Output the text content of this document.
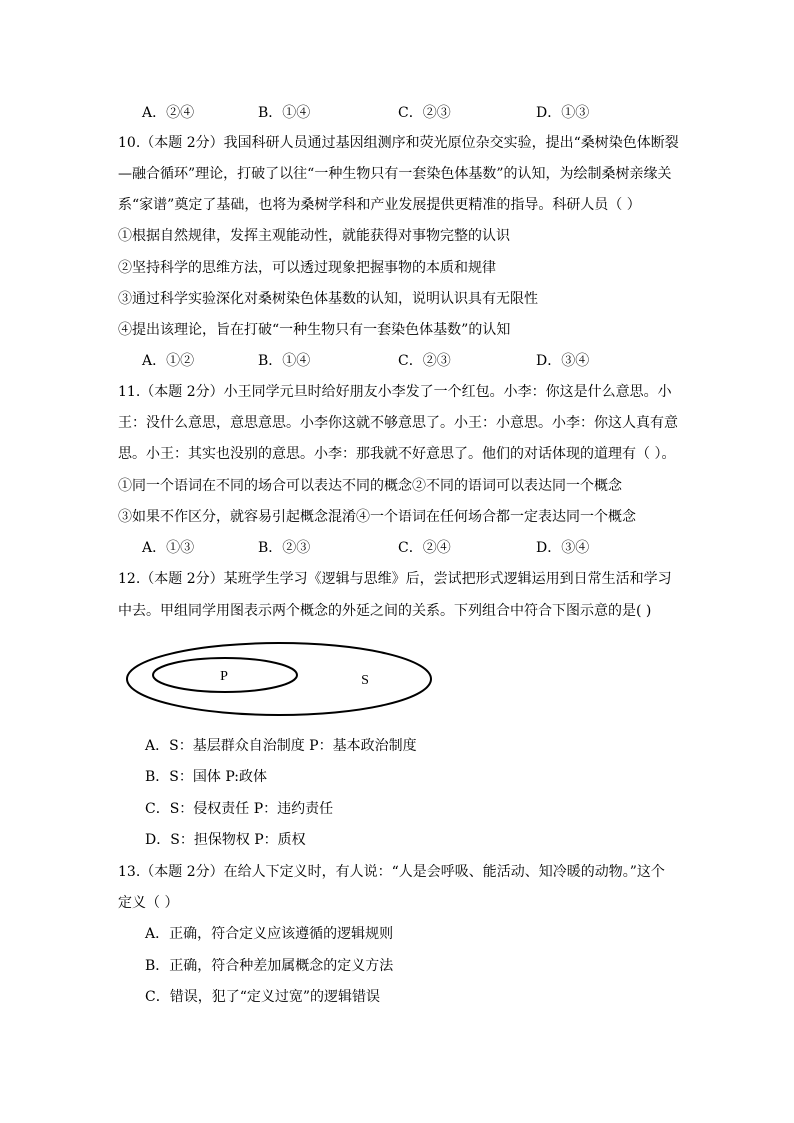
A．②④	B．①④	C．②③	D．①③
10.（本题 2分）我国科研人员通过基因组测序和荧光原位杂交实验，提出“桑树染色体断裂
—融合循环”理论，打破了以往“一种生物只有一套染色体基数”的认知，为绘制桑树亲缘关
系“家谱”奠定了基础，也将为桑树学科和产业发展提供更精准的指导。科研人员（ ）
①根据自然规律，发挥主观能动性，就能获得对事物完整的认识
②坚持科学的思维方法，可以透过现象把握事物的本质和规律
③通过科学实验深化对桑树染色体基数的认知，说明认识具有无限性
④提出该理论，旨在打破“一种生物只有一套染色体基数”的认知
A．①②	B．①④	C．②③	D．③④
11.（本题 2分）小王同学元旦时给好朋友小李发了一个红包。小李：你这是什么意思。小
王：没什么意思，意思意思。小李你这就不够意思了。小王：小意思。小李：你这人真有意
思。小王：其实也没别的意思。小李：那我就不好意思了。他们的对话体现的道理有（ ）。
①同一个语词在不同的场合可以表达不同的概念②不同的语词可以表达同一个概念
③如果不作区分，就容易引起概念混淆④一个语词在任何场合都一定表达同一个概念
A．①③	B．②③	C．②④	D．③④
12.（本题 2分）某班学生学习《逻辑与思维》后，尝试把形式逻辑运用到日常生活和学习
中去。甲组同学用图表示两个概念的外延之间的关系。下列组合中符合下图示意的是( )
P	S
A．S：基层群众自治制度 P：基本政治制度
B．S：国体 P:政体
C．S：侵权责任 P：违约责任
D．S：担保物权 P：质权
13.（本题 2分）在给人下定义时，有人说：“人是会呼吸、能活动、知冷暖的动物。”这个
定义（ ）
A．正确，符合定义应该遵循的逻辑规则
B．正确，符合种差加属概念的定义方法
C．错误，犯了“定义过宽”的逻辑错误
